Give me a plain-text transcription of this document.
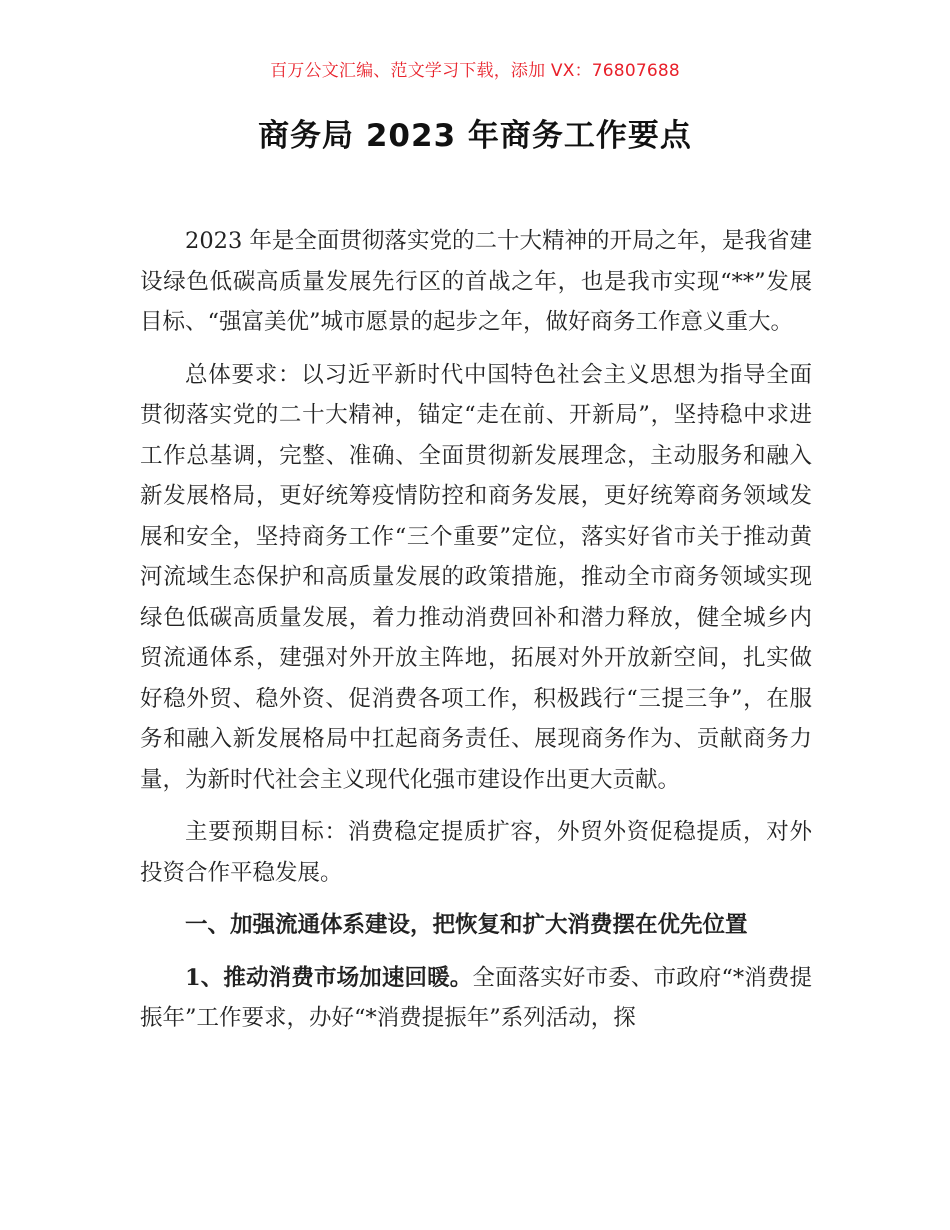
百万公文汇编、范文学习下载，添加 VX：76807688
商务局 2023 年商务工作要点

2023 年是全面贯彻落实党的二十大精神的开局之年，是我省建设绿色低碳高质量发展先行区的首战之年，也是我市实现“**”发展目标、“强富美优”城市愿景的起步之年，做好商务工作意义重大。

总体要求：以习近平新时代中国特色社会主义思想为指导全面贯彻落实党的二十大精神，锚定“走在前、开新局”，坚持稳中求进工作总基调，完整、准确、全面贯彻新发展理念，主动服务和融入新发展格局，更好统筹疫情防控和商务发展，更好统筹商务领域发展和安全，坚持商务工作“三个重要”定位，落实好省市关于推动黄河流域生态保护和高质量发展的政策措施，推动全市商务领域实现绿色低碳高质量发展，着力推动消费回补和潜力释放，健全城乡内贸流通体系，建强对外开放主阵地，拓展对外开放新空间，扎实做好稳外贸、稳外资、促消费各项工作，积极践行“三提三争”，在服务和融入新发展格局中扛起商务责任、展现商务作为、贡献商务力量，为新时代社会主义现代化强市建设作出更大贡献。

主要预期目标：消费稳定提质扩容，外贸外资促稳提质，对外投资合作平稳发展。

一、加强流通体系建设，把恢复和扩大消费摆在优先位置

1、推动消费市场加速回暖。全面落实好市委、市政府“*消费提振年”工作要求，办好“*消费提振年”系列活动，探
